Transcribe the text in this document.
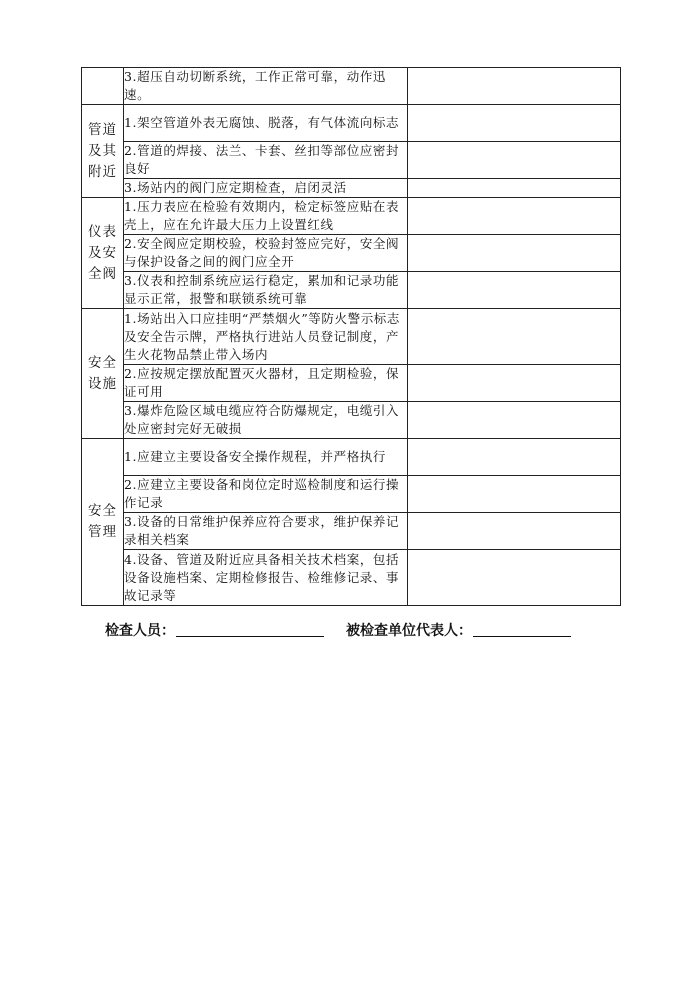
	3.超压自动切断系统，工作正常可靠，动作迅速。	

管道及其附近	1.架空管道外表无腐蚀、脱落，有气体流向标志	
	2.管道的焊接、法兰、卡套、丝扣等部位应密封良好	
	3.场站内的阀门应定期检查，启闭灵活	

仪表及安全阀	1.压力表应在检验有效期内，检定标签应贴在表壳上，应在允许最大压力上设置红线	
	2.安全阀应定期校验，校验封签应完好，安全阀与保护设备之间的阀门应全开	
	3.仪表和控制系统应运行稳定，累加和记录功能显示正常，报警和联锁系统可靠	

安全设施	1.场站出入口应挂明“严禁烟火”等防火警示标志及安全告示牌，严格执行进站人员登记制度，产生火花物品禁止带入场内	
	2.应按规定摆放配置灭火器材，且定期检验，保证可用	
	3.爆炸危险区域电缆应符合防爆规定，电缆引入处应密封完好无破损	

安全管理	1.应建立主要设备安全操作规程，并严格执行	
	2.应建立主要设备和岗位定时巡检制度和运行操作记录	
	3.设备的日常维护保养应符合要求，维护保养记录相关档案	
	4.设备、管道及附近应具备相关技术档案，包括设备设施档案、定期检修报告、检维修记录、事故记录等	
检查人员：	被检查单位代表人：
